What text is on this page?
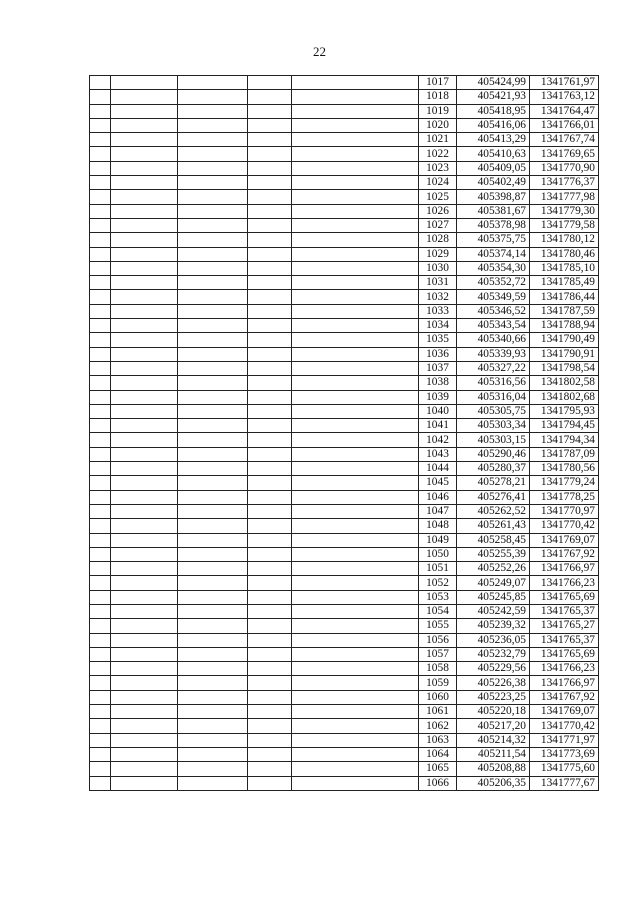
22
					1017	405424,99	1341761,97
					1018	405421,93	1341763,12
					1019	405418,95	1341764,47
					1020	405416,06	1341766,01
					1021	405413,29	1341767,74
					1022	405410,63	1341769,65
					1023	405409,05	1341770,90
					1024	405402,49	1341776,37
					1025	405398,87	1341777,98
					1026	405381,67	1341779,30
					1027	405378,98	1341779,58
					1028	405375,75	1341780,12
					1029	405374,14	1341780,46
					1030	405354,30	1341785,10
					1031	405352,72	1341785,49
					1032	405349,59	1341786,44
					1033	405346,52	1341787,59
					1034	405343,54	1341788,94
					1035	405340,66	1341790,49
					1036	405339,93	1341790,91
					1037	405327,22	1341798,54
					1038	405316,56	1341802,58
					1039	405316,04	1341802,68
					1040	405305,75	1341795,93
					1041	405303,34	1341794,45
					1042	405303,15	1341794,34
					1043	405290,46	1341787,09
					1044	405280,37	1341780,56
					1045	405278,21	1341779,24
					1046	405276,41	1341778,25
					1047	405262,52	1341770,97
					1048	405261,43	1341770,42
					1049	405258,45	1341769,07
					1050	405255,39	1341767,92
					1051	405252,26	1341766,97
					1052	405249,07	1341766,23
					1053	405245,85	1341765,69
					1054	405242,59	1341765,37
					1055	405239,32	1341765,27
					1056	405236,05	1341765,37
					1057	405232,79	1341765,69
					1058	405229,56	1341766,23
					1059	405226,38	1341766,97
					1060	405223,25	1341767,92
					1061	405220,18	1341769,07
					1062	405217,20	1341770,42
					1063	405214,32	1341771,97
					1064	405211,54	1341773,69
					1065	405208,88	1341775,60
					1066	405206,35	1341777,67
